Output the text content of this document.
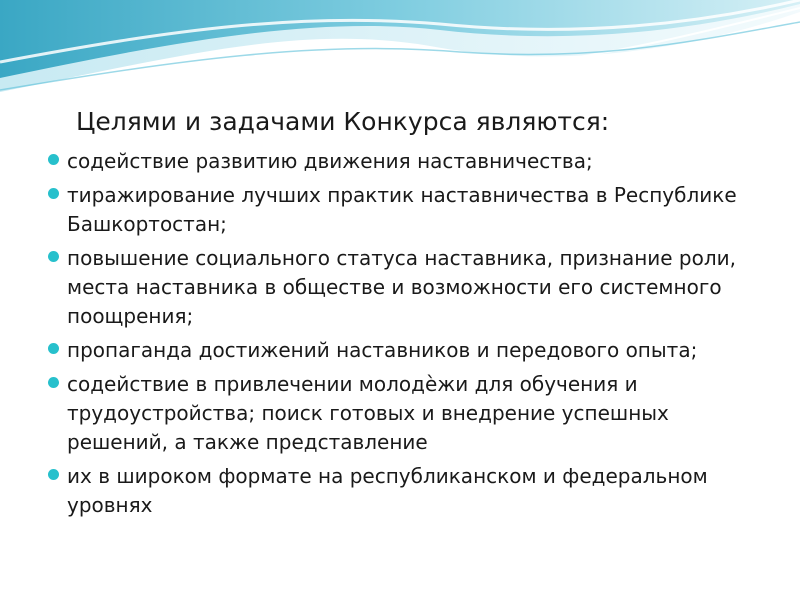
Целями и задачами Конкурса являются:
содействие развитию движения наставничества;
тиражирование лучших практик наставничества в Республике Башкортостан;
повышение социального статуса наставника, признание роли, места наставника в обществе и возможности его системного поощрения;
пропаганда достижений наставников и передового опыта;
содействие в привлечении молодѐжи для обучения и трудоустройства; поиск готовых и внедрение успешных решений, а также представление
их в широком формате на республиканском и федеральном уровнях
